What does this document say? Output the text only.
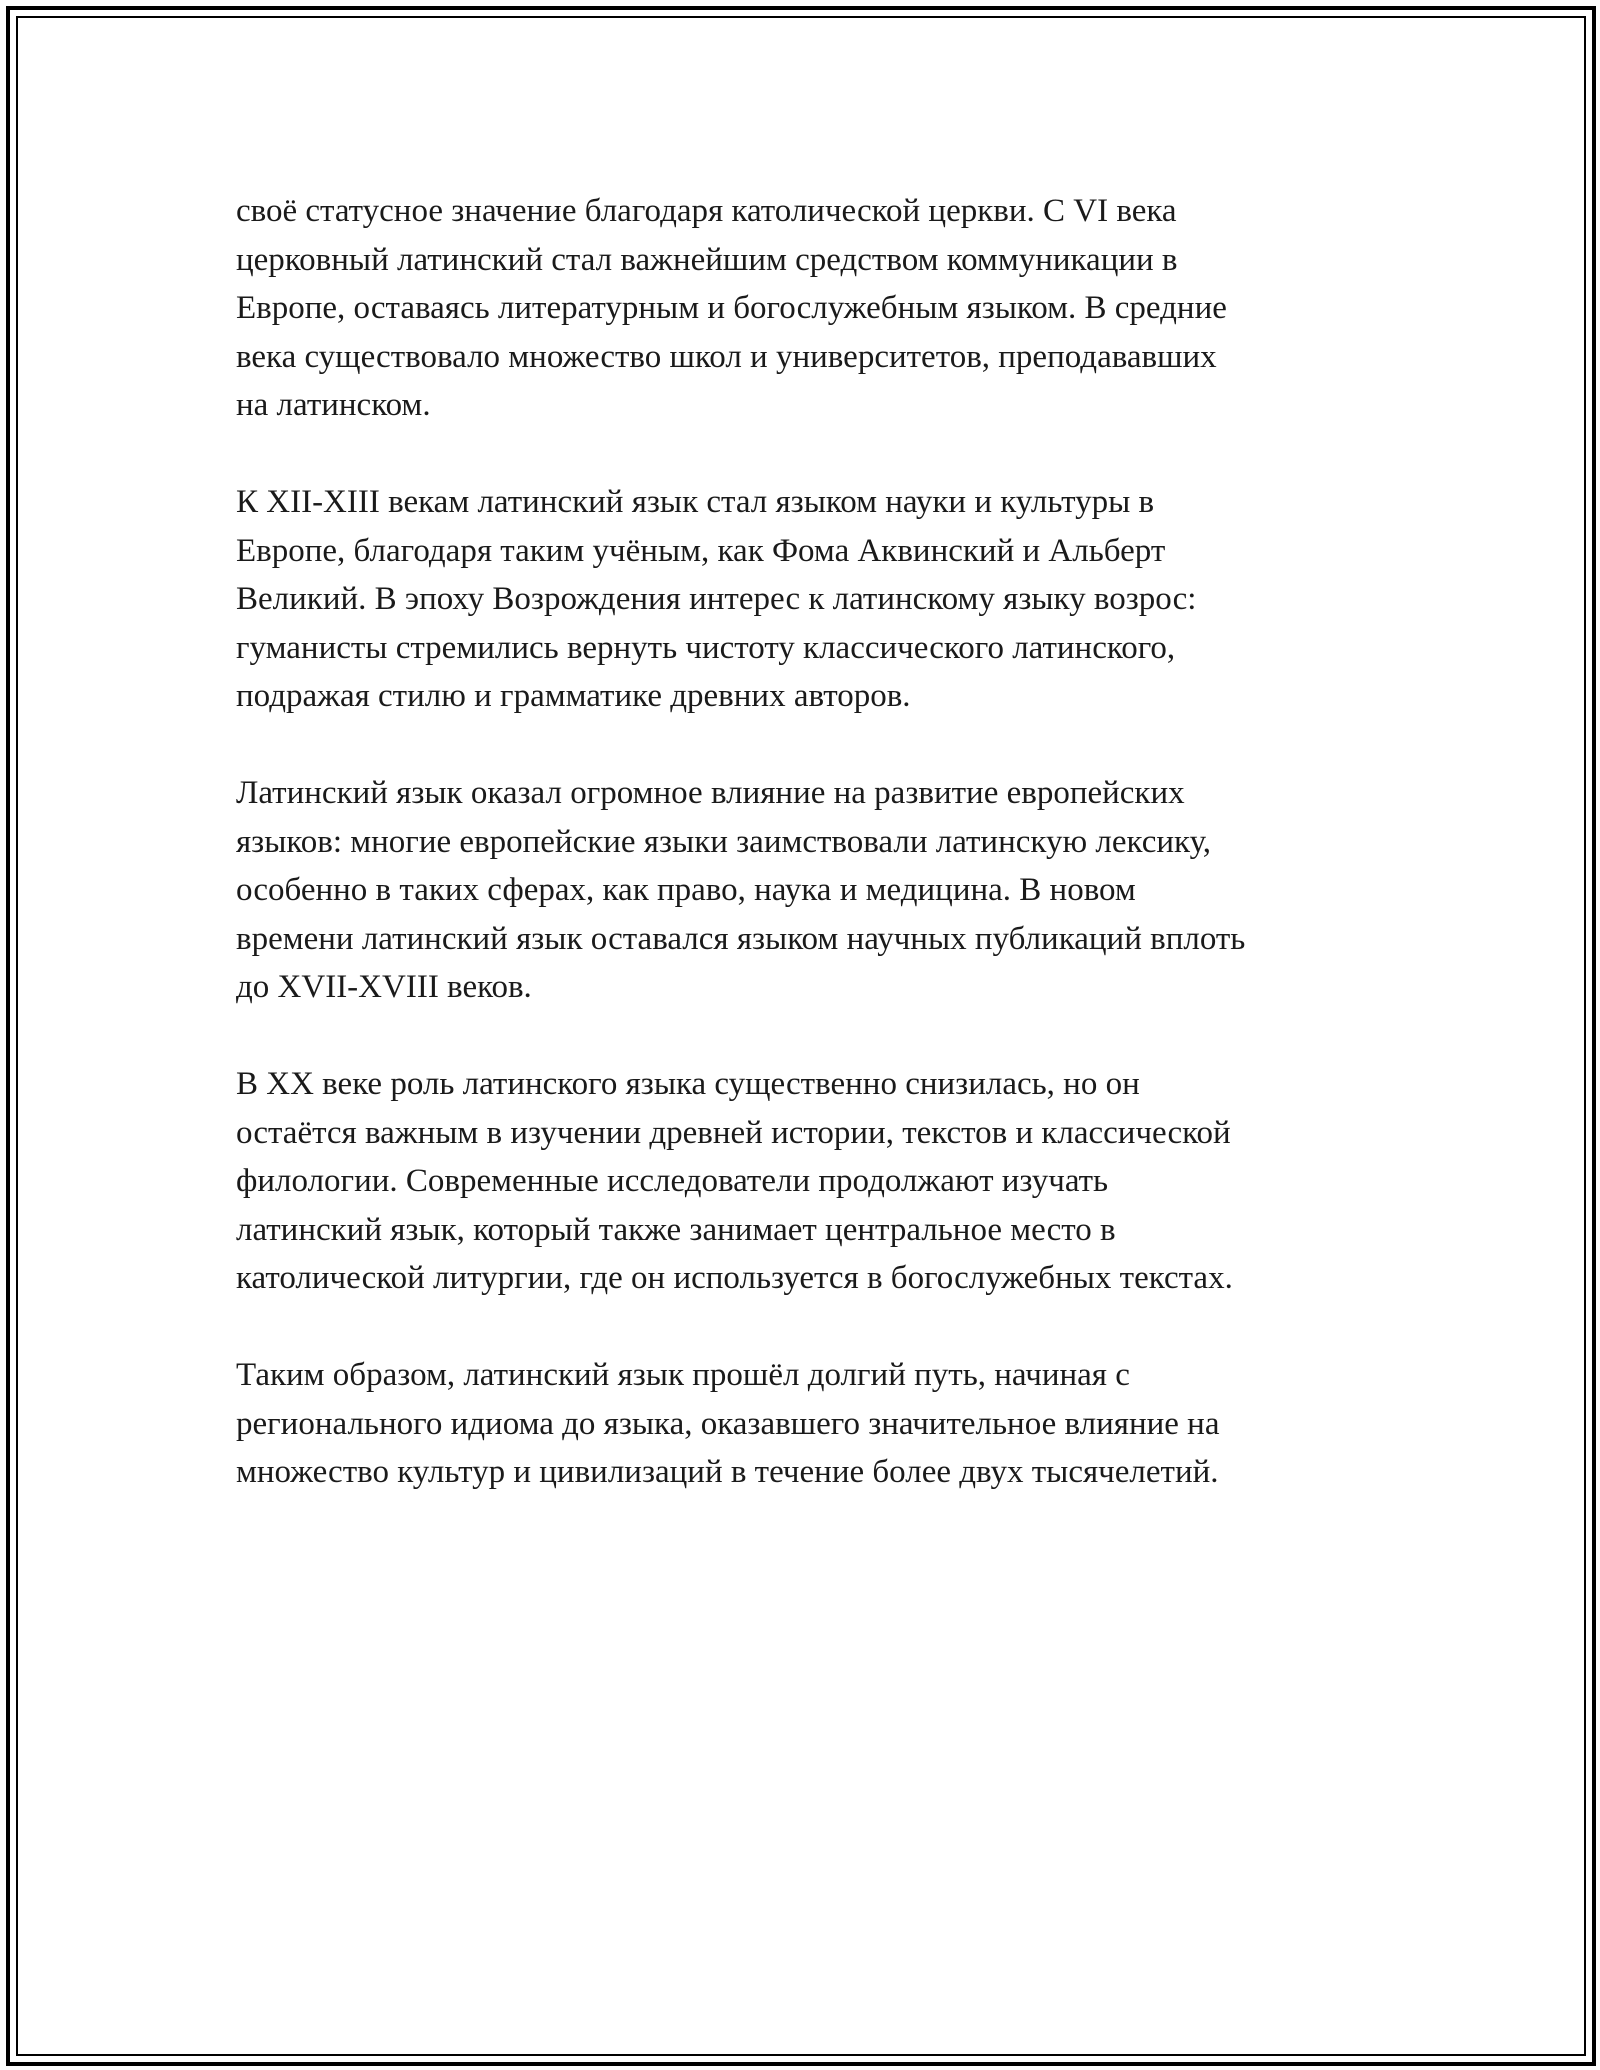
своё статусное значение благодаря католической церкви. С VI века
церковный латинский стал важнейшим средством коммуникации в
Европе, оставаясь литературным и богослужебным языком. В средние
века существовало множество школ и университетов, преподававших
на латинском.

К XII-XIII векам латинский язык стал языком науки и культуры в
Европе, благодаря таким учёным, как Фома Аквинский и Альберт
Великий. В эпоху Возрождения интерес к латинскому языку возрос:
гуманисты стремились вернуть чистоту классического латинского,
подражая стилю и грамматике древних авторов.

Латинский язык оказал огромное влияние на развитие европейских
языков: многие европейские языки заимствовали латинскую лексику,
особенно в таких сферах, как право, наука и медицина. В новом
времени латинский язык оставался языком научных публикаций вплоть
до XVII-XVIII веков.

В XX веке роль латинского языка существенно снизилась, но он
остаётся важным в изучении древней истории, текстов и классической
филологии. Современные исследователи продолжают изучать
латинский язык, который также занимает центральное место в
католической литургии, где он используется в богослужебных текстах.

Таким образом, латинский язык прошёл долгий путь, начиная с
регионального идиома до языка, оказавшего значительное влияние на
множество культур и цивилизаций в течение более двух тысячелетий.
